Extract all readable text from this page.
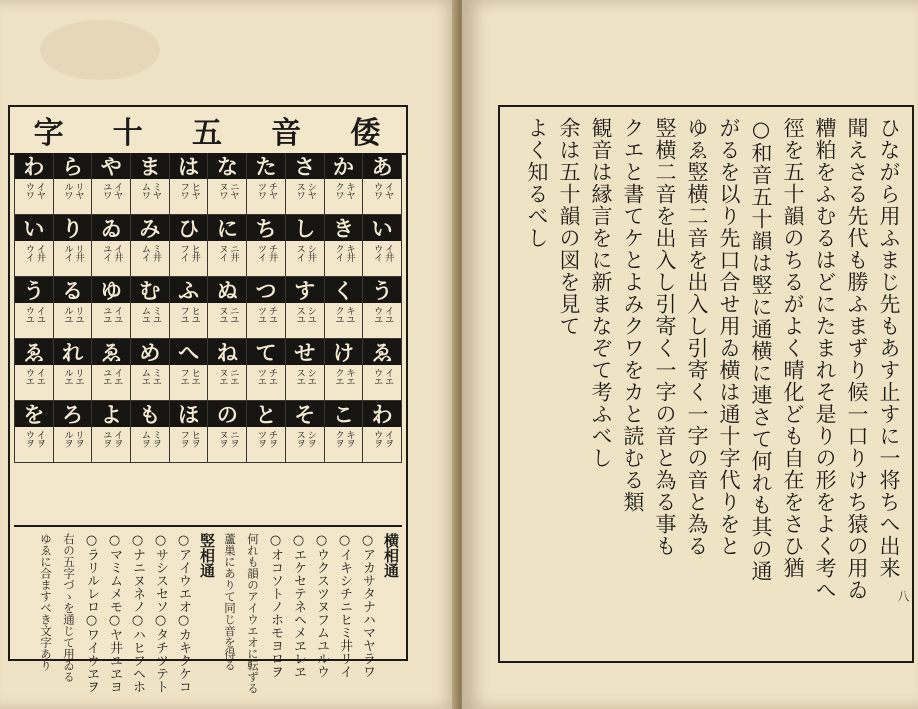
倭
音
五
十
字
あ
イヤ
ウワ
い
イ井
ウイ
う
イユ
ウユ
ゑ
イエ
ウエ
わ
イヲ
ウヲ
か
キヤ
クワ
き
キ井
クイ
く
キユ
クユ
け
キエ
クエ
こ
キヲ
クヲ
さ
シヤ
スワ
し
シ井
スイ
す
シユ
スユ
せ
シエ
スエ
そ
シヲ
スヲ
た
チヤ
ツワ
ち
チ井
ツイ
つ
チユ
ツユ
て
チエ
ツエ
と
チヲ
ツヲ
な
ニヤ
ヌワ
に
ニ井
ヌイ
ぬ
ニユ
ヌユ
ね
ニエ
ヌエ
の
ニヲ
ヌヲ
は
ヒヤ
フワ
ひ
ヒ井
フイ
ふ
ヒユ
フユ
へ
ヒエ
フエ
ほ
ヒヲ
フヲ
ま
ミヤ
ムワ
み
ミ井
ムイ
む
ミユ
ムユ
め
ミエ
ムエ
も
ミヲ
ムヲ
や
イヤ
ユワ
ゐ
イ井
ユイ
ゆ
イユ
ユユ
ゑ
イエ
ユエ
よ
イヲ
ユヲ
ら
リヤ
ルワ
り
リ井
ルイ
る
リユ
ルユ
れ
リエ
ルエ
ろ
リヲ
ルヲ
わ
イヤ
ウワ
い
イ井
ウイ
う
イユ
ウユ
ゑ
イエ
ウエ
を
イヲ
ウヲ
横相通
○アカサタナハマヤラワ
○イキシチニヒミ井リイ
○ウクスツヌフムユルウ
○エケセテネヘメヱレヱ
○オコソトノホモヨロヲ
何れも韻のアイウエオに転ずる
蘆巣にありて同じ音を得る
竪相通
○アイウエオ○カキクケコ
○サシスセソ○タチツテト
○ナニヌネノ○ハヒフヘホ
○マミムメモ○ヤ井ユヱヨ
○ラリルレロ○ワイウヱヲ
右の五字づゝを通じて用ゐる
ゆゑに合ますべき文字あり
ひながら用ふまじ先もあす止すに一将ちへ出来
聞えさる先代も勝ふまずり候一口りけち猿の用ゐ
糟粕をふむるはどにたまれそ是りの形をよく考へ
徑を五十韻のちるがよく晴化ども自在をさひ猶
○和音五十韻は竪に通横に連さて何れも其の通
がるを以り先口合せ用ゐ横は通十字代りをと
ゆゑ竪横二音を出入し引寄く一字の音と為る
竪横二音を出入し引寄く一字の音と為る事も
クエと書てケとよみクワをカと読むる類
観音は縁言をに新まなぞて考ふべし
余は五十韻の図を見て
よく知るべし
八
